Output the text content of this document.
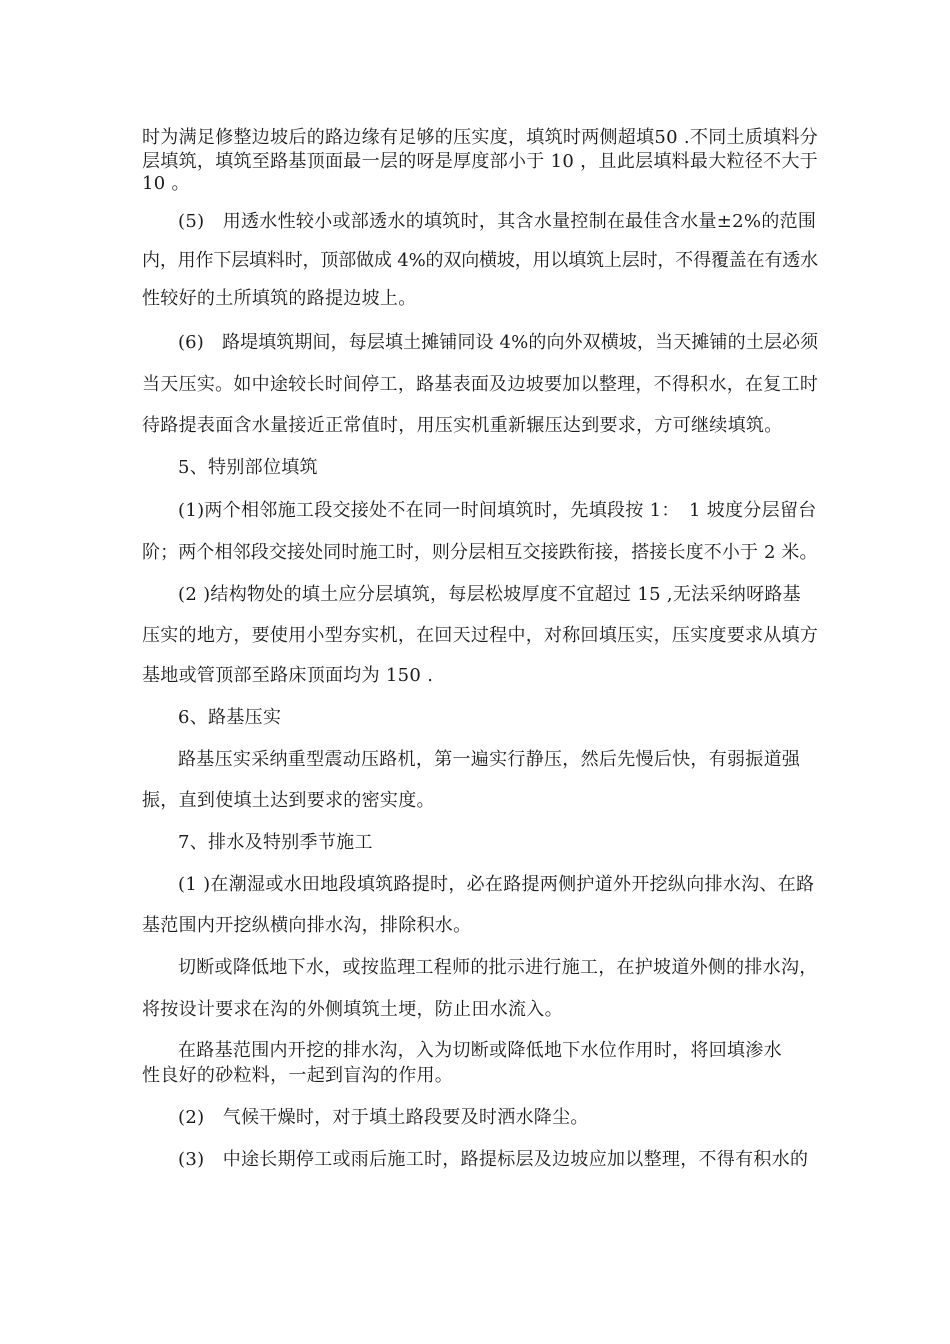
时为满足修整边坡后的路边缘有足够的压实度，填筑时两侧超填50 .不同土质填料分
层填筑，填筑至路基顶面最一层的呀是厚度部小于 10 ，且此层填料最大粒径不大于
10 。
(5)　用透水性较小或部透水的填筑时，其含水量控制在最佳含水量±2%的范围
内，用作下层填料时，顶部做成 4%的双向横坡，用以填筑上层时，不得覆盖在有透水
性较好的土所填筑的路提边坡上。
(6)　路堤填筑期间，每层填土摊铺同设 4%的向外双横坡，当天摊铺的土层必须
当天压实。如中途较长时间停工，路基表面及边坡要加以整理，不得积水，在复工时
待路提表面含水量接近正常值时，用压实机重新辗压达到要求，方可继续填筑。
5、特别部位填筑
(1)两个相邻施工段交接处不在同一时间填筑时，先填段按 1：　1 坡度分层留台
阶；两个相邻段交接处同时施工时，则分层相互交接跌衔接，搭接长度不小于 2 米。
(2 )结构物处的填土应分层填筑，每层松坡厚度不宜超过 15 ,无法采纳呀路基
压实的地方，要使用小型夯实机，在回天过程中，对称回填压实，压实度要求从填方
基地或管顶部至路床顶面均为 150 .
6、路基压实
路基压实采纳重型震动压路机，第一遍实行静压，然后先慢后快，有弱振道强
振，直到使填土达到要求的密实度。
7、排水及特别季节施工
(1 )在潮湿或水田地段填筑路提时，必在路提两侧护道外开挖纵向排水沟、在路
基范围内开挖纵横向排水沟，排除积水。
切断或降低地下水，或按监理工程师的批示进行施工，在护坡道外侧的排水沟，
将按设计要求在沟的外侧填筑土埂，防止田水流入。
在路基范围内开挖的排水沟，入为切断或降低地下水位作用时，将回填渗水
性良好的砂粒料，一起到盲沟的作用。
(2)　气候干燥时，对于填土路段要及时洒水降尘。
(3)　中途长期停工或雨后施工时，路提标层及边坡应加以整理，不得有积水的
